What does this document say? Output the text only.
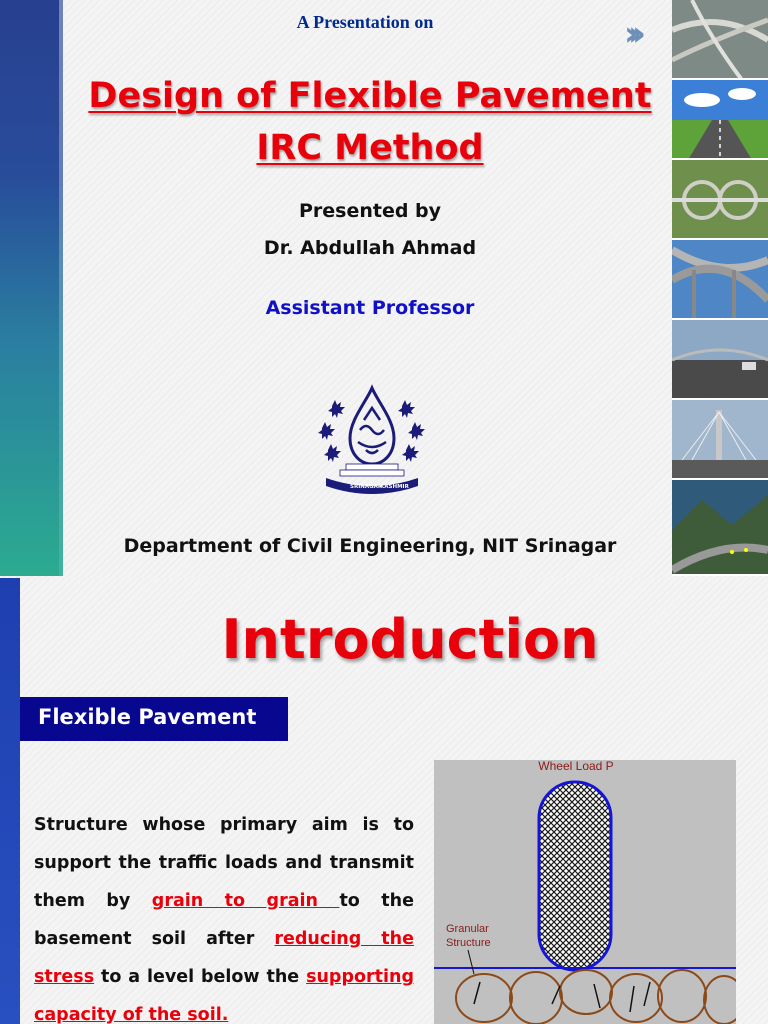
A Presentation on
Design of Flexible Pavement
IRC Method
Presented by
Dr. Abdullah Ahmad
Assistant Professor
SRINAGAR
KASHMIR
Department of Civil Engineering, NIT Srinagar
›››
Introduction
Flexible Pavement
Structure whose primary aim is to support the traffic loads and transmit them by grain to grain to the basement soil after reducing the stress to a level below the supporting capacity of the soil.
Wheel Load P
Granular
Structure
